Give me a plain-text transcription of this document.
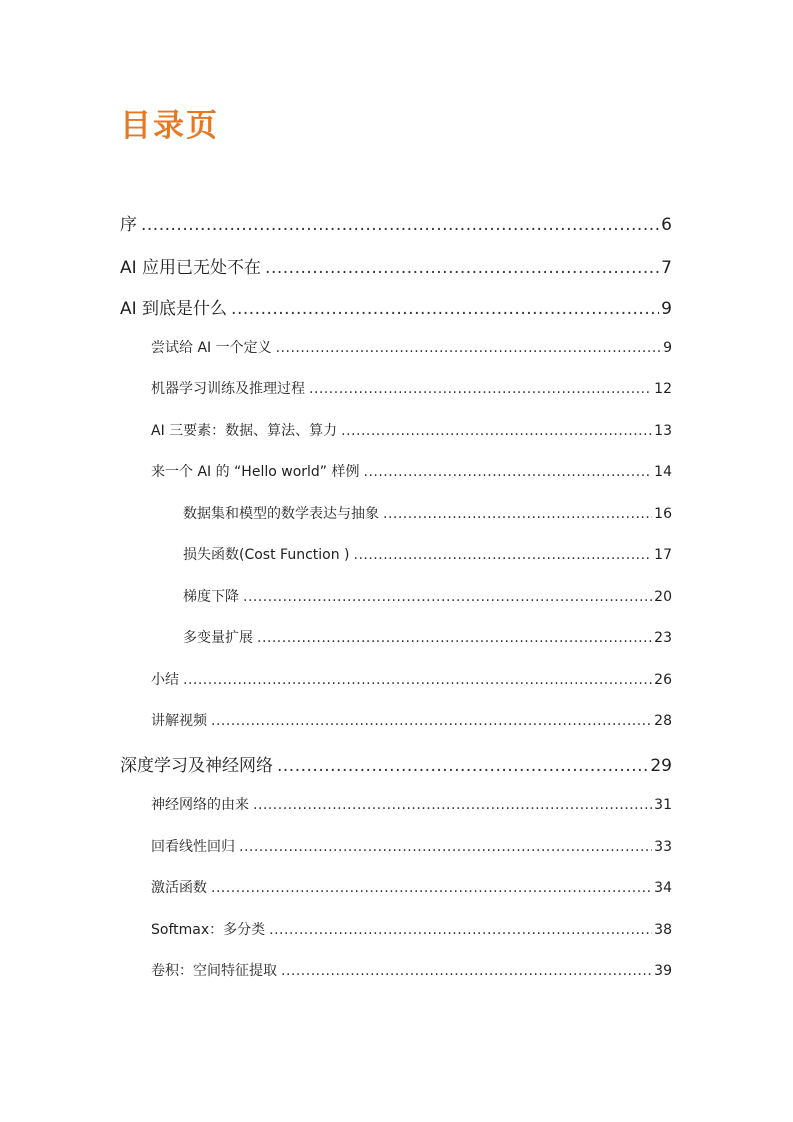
目录页
序 .....	6
AI 应用已无处不在 .....	7
AI 到底是什么 .....	9
尝试给 AI 一个定义 .....	9
机器学习训练及推理过程 .....	12
AI 三要素：数据、算法、算力 .....	13
来一个 AI 的 “Hello world” 样例 .....	14
数据集和模型的数学表达与抽象 .....	16
损失函数(Cost Function ) .....	17
梯度下降 .....	20
多变量扩展 .....	23
小结 .....	26
讲解视频 .....	28
深度学习及神经网络 .....	29
神经网络的由来 .....	31
回看线性回归 .....	33
激活函数 .....	34
Softmax：多分类 .....	38
卷积：空间特征提取 .....	39
